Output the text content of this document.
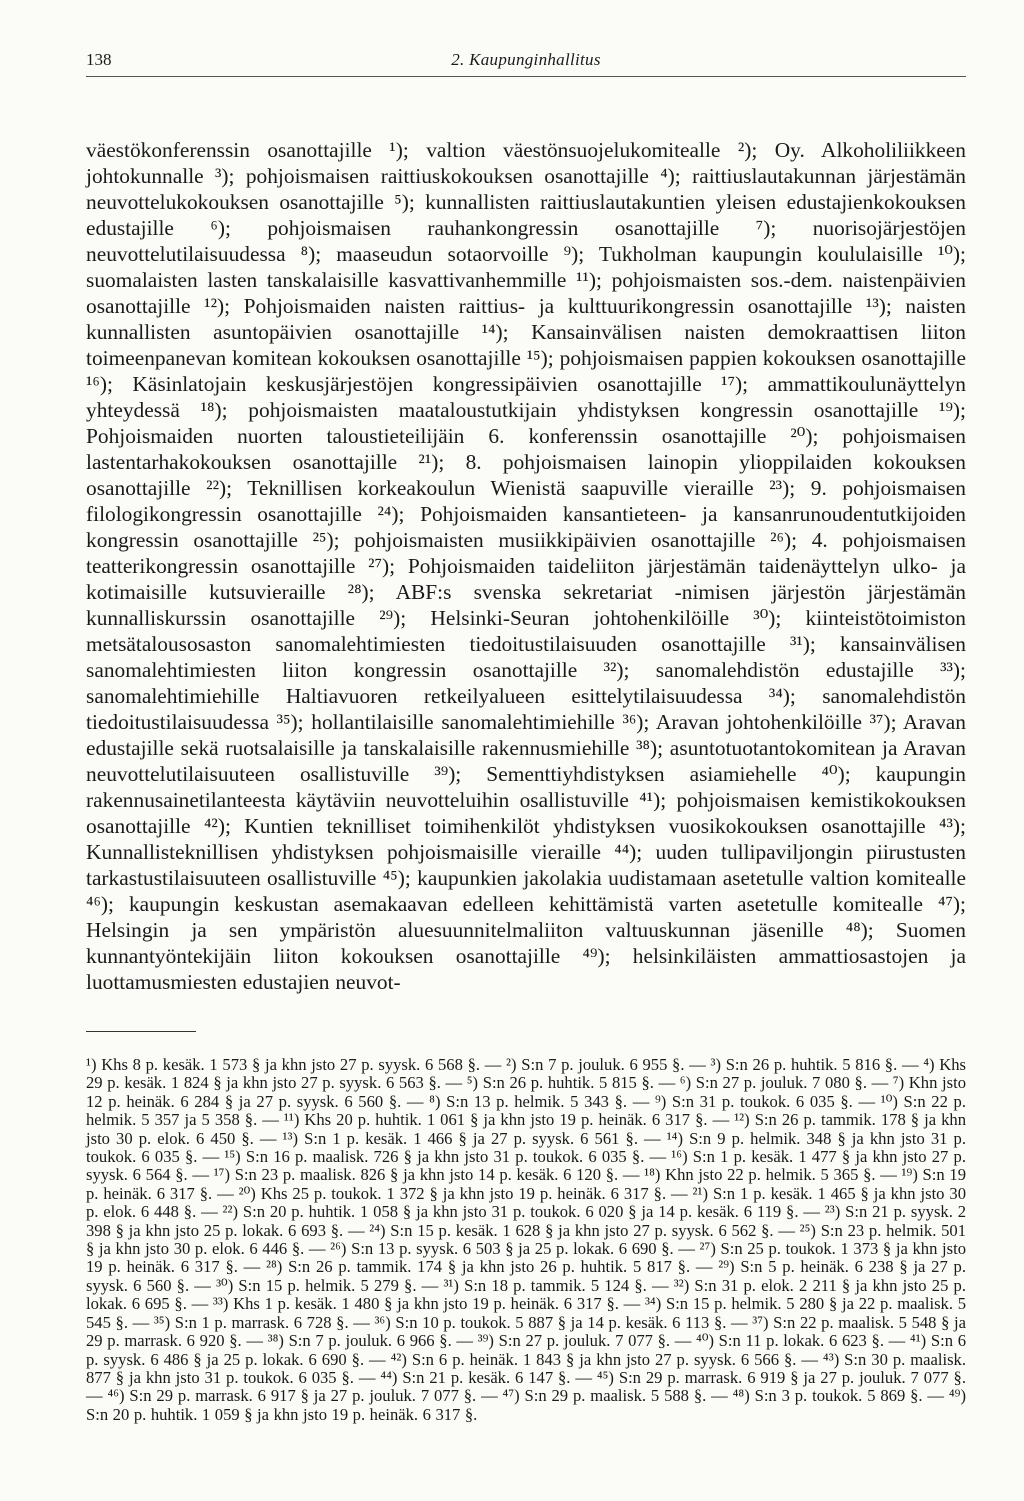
138	2. Kaupunginhallitus
väestökonferenssin osanottajille ¹); valtion väestönsuojelukomitealle ²); Oy. Alkoholiliikkeen johtokunnalle ³); pohjoismaisen raittiuskokouksen osanottajille ⁴); raittiuslautakunnan järjestämän neuvottelukokouksen osanottajille ⁵); kunnallisten raittiuslautakuntien yleisen edustajienkokouksen edustajille ⁶); pohjoismaisen rauhankongressin osanottajille ⁷); nuorisojärjestöjen neuvottelutilaisuudessa ⁸); maaseudun sotaorvoille ⁹); Tukholman kaupungin koululaisille ¹⁰); suomalaisten lasten tanskalaisille kasvattivanhemmille ¹¹); pohjoismaisten sos.-dem. naistenpäivien osanottajille ¹²); Pohjoismaiden naisten raittius- ja kulttuurikongressin osanottajille ¹³); naisten kunnallisten asuntopäivien osanottajille ¹⁴); Kansainvälisen naisten demokraattisen liiton toimeenpanevan komitean kokouksen osanottajille ¹⁵); pohjoismaisen pappien kokouksen osanottajille ¹⁶); Käsinlatojain keskusjärjestöjen kongressipäivien osanottajille ¹⁷); ammattikoulunäyttelyn yhteydessä ¹⁸); pohjoismaisten maataloustutkijain yhdistyksen kongressin osanottajille ¹⁹); Pohjoismaiden nuorten taloustieteilijäin 6. konferenssin osanottajille ²⁰); pohjoismaisen lastentarhakokouksen osanottajille ²¹); 8. pohjoismaisen lainopin ylioppilaiden kokouksen osanottajille ²²); Teknillisen korkeakoulun Wienistä saapuville vieraille ²³); 9. pohjoismaisen filologikongressin osanottajille ²⁴); Pohjoismaiden kansantieteen- ja kansanrunoudentutkijoiden kongressin osanottajille ²⁵); pohjoismaisten musiikkipäivien osanottajille ²⁶); 4. pohjoismaisen teatterikongressin osanottajille ²⁷); Pohjoismaiden taideliiton järjestämän taidenäyttelyn ulko- ja kotimaisille kutsuvieraille ²⁸); ABF:s svenska sekretariat -nimisen järjestön järjestämän kunnalliskurssin osanottajille ²⁹); Helsinki-Seuran johtohenkilöille ³⁰); kiinteistötoimiston metsätalousosaston sanomalehtimiesten tiedoitustilaisuuden osanottajille ³¹); kansainvälisen sanomalehtimiesten liiton kongressin osanottajille ³²); sanomalehdistön edustajille ³³); sanomalehtimiehille Haltiavuoren retkeilyalueen esittelytilaisuudessa ³⁴); sanomalehdistön tiedoitustilaisuudessa ³⁵); hollantilaisille sanomalehtimiehille ³⁶); Aravan johtohenkilöille ³⁷); Aravan edustajille sekä ruotsalaisille ja tanskalaisille rakennusmiehille ³⁸); asuntotuotantokomitean ja Aravan neuvottelutilaisuuteen osallistuville ³⁹); Sementtiyhdistyksen asiamiehelle ⁴⁰); kaupungin rakennusainetilanteesta käytäviin neuvotteluihin osallistuville ⁴¹); pohjoismaisen kemistikokouksen osanottajille ⁴²); Kuntien teknilliset toimihenkilöt yhdistyksen vuosikokouksen osanottajille ⁴³); Kunnallisteknillisen yhdistyksen pohjoismaisille vieraille ⁴⁴); uuden tullipaviljongin piirustusten tarkastustilaisuuteen osallistuville ⁴⁵); kaupunkien jakolakia uudistamaan asetetulle valtion komitealle ⁴⁶); kaupungin keskustan asemakaavan edelleen kehittämistä varten asetetulle komitealle ⁴⁷); Helsingin ja sen ympäristön aluesuunnitelmaliiton valtuuskunnan jäsenille ⁴⁸); Suomen kunnantyöntekijäin liiton kokouksen osanottajille ⁴⁹); helsinkiläisten ammattiosastojen ja luottamusmiesten edustajien neuvot-
¹) Khs 8 p. kesäk. 1 573 § ja khn jsto 27 p. syysk. 6 568 §. — ²) S:n 7 p. jouluk. 6 955 §. — ³) S:n 26 p. huhtik. 5 816 §. — ⁴) Khs 29 p. kesäk. 1 824 § ja khn jsto 27 p. syysk. 6 563 §. — ⁵) S:n 26 p. huhtik. 5 815 §. — ⁶) S:n 27 p. jouluk. 7 080 §. — ⁷) Khn jsto 12 p. heinäk. 6 284 § ja 27 p. syysk. 6 560 §. — ⁸) S:n 13 p. helmik. 5 343 §. — ⁹) S:n 31 p. toukok. 6 035 §. — ¹⁰) S:n 22 p. helmik. 5 357 ja 5 358 §. — ¹¹) Khs 20 p. huhtik. 1 061 § ja khn jsto 19 p. heinäk. 6 317 §. — ¹²) S:n 26 p. tammik. 178 § ja khn jsto 30 p. elok. 6 450 §. — ¹³) S:n 1 p. kesäk. 1 466 § ja 27 p. syysk. 6 561 §. — ¹⁴) S:n 9 p. helmik. 348 § ja khn jsto 31 p. toukok. 6 035 §. — ¹⁵) S:n 16 p. maalisk. 726 § ja khn jsto 31 p. toukok. 6 035 §. — ¹⁶) S:n 1 p. kesäk. 1 477 § ja khn jsto 27 p. syysk. 6 564 §. — ¹⁷) S:n 23 p. maalisk. 826 § ja khn jsto 14 p. kesäk. 6 120 §. — ¹⁸) Khn jsto 22 p. helmik. 5 365 §. — ¹⁹) S:n 19 p. heinäk. 6 317 §. — ²⁰) Khs 25 p. toukok. 1 372 § ja khn jsto 19 p. heinäk. 6 317 §. — ²¹) S:n 1 p. kesäk. 1 465 § ja khn jsto 30 p. elok. 6 448 §. — ²²) S:n 20 p. huhtik. 1 058 § ja khn jsto 31 p. toukok. 6 020 § ja 14 p. kesäk. 6 119 §. — ²³) S:n 21 p. syysk. 2 398 § ja khn jsto 25 p. lokak. 6 693 §. — ²⁴) S:n 15 p. kesäk. 1 628 § ja khn jsto 27 p. syysk. 6 562 §. — ²⁵) S:n 23 p. helmik. 501 § ja khn jsto 30 p. elok. 6 446 §. — ²⁶) S:n 13 p. syysk. 6 503 § ja 25 p. lokak. 6 690 §. — ²⁷) S:n 25 p. toukok. 1 373 § ja khn jsto 19 p. heinäk. 6 317 §. — ²⁸) S:n 26 p. tammik. 174 § ja khn jsto 26 p. huhtik. 5 817 §. — ²⁹) S:n 5 p. heinäk. 6 238 § ja 27 p. syysk. 6 560 §. — ³⁰) S:n 15 p. helmik. 5 279 §. — ³¹) S:n 18 p. tammik. 5 124 §. — ³²) S:n 31 p. elok. 2 211 § ja khn jsto 25 p. lokak. 6 695 §. — ³³) Khs 1 p. kesäk. 1 480 § ja khn jsto 19 p. heinäk. 6 317 §. — ³⁴) S:n 15 p. helmik. 5 280 § ja 22 p. maalisk. 5 545 §. — ³⁵) S:n 1 p. marrask. 6 728 §. — ³⁶) S:n 10 p. toukok. 5 887 § ja 14 p. kesäk. 6 113 §. — ³⁷) S:n 22 p. maalisk. 5 548 § ja 29 p. marrask. 6 920 §. — ³⁸) S:n 7 p. jouluk. 6 966 §. — ³⁹) S:n 27 p. jouluk. 7 077 §. — ⁴⁰) S:n 11 p. lokak. 6 623 §. — ⁴¹) S:n 6 p. syysk. 6 486 § ja 25 p. lokak. 6 690 §. — ⁴²) S:n 6 p. heinäk. 1 843 § ja khn jsto 27 p. syysk. 6 566 §. — ⁴³) S:n 30 p. maalisk. 877 § ja khn jsto 31 p. toukok. 6 035 §. — ⁴⁴) S:n 21 p. kesäk. 6 147 §. — ⁴⁵) S:n 29 p. marrask. 6 919 § ja 27 p. jouluk. 7 077 §. — ⁴⁶) S:n 29 p. marrask. 6 917 § ja 27 p. jouluk. 7 077 §. — ⁴⁷) S:n 29 p. maalisk. 5 588 §. — ⁴⁸) S:n 3 p. toukok. 5 869 §. — ⁴⁹) S:n 20 p. huhtik. 1 059 § ja khn jsto 19 p. heinäk. 6 317 §.
